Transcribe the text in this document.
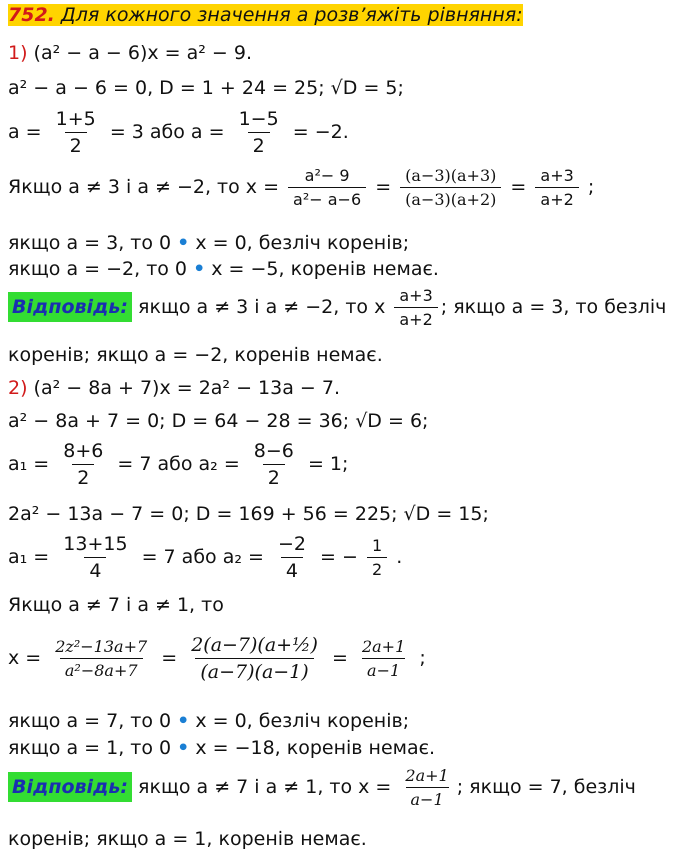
752. Для кожного значення а розв’яжіть рівняння:
1) (a² − a − 6)x = a² − 9.
a² − a − 6 = 0, D = 1 + 24 = 25; √D = 5;
$a = \frac{1+5}{2} = 3$ або $a = \frac{1-5}{2} = -2$.
Якщо a ≠ 3 і a ≠ −2, то $x = \frac{\text{a²− 9}}{\text{a²− a−6}} = \frac{(a-3)(a+3)}{(a-3)(a+2)} = \frac{a+3}{a+2}$ ;
якщо a = 3, то 0 • x = 0, безліч коренів;
якщо a = −2, то 0 • x = −5, коренів немає.
Відповідь: якщо a ≠ 3 і a ≠ −2, то x $\frac{a+3}{a+2}$ ; якщо a = 3, то безліч
коренів; якщо a = −2, коренів немає.
2) (a² − 8a + 7)x = 2a² − 13a − 7.
a² − 8a + 7 = 0; D = 64 − 28 = 36; √D = 6;
$a_1 = \frac{8+6}{2} = 7$ або $a_2 = \frac{8-6}{2} = 1$;
2a² − 13a − 7 = 0; D = 169 + 56 = 225; √D = 15;
$a_1 = \frac{13+15}{4} = 7$ або $a_2 = \frac{-2}{4}$ = − $\frac{1}{2}$ .
Якщо a ≠ 7 і a ≠ 1, то
$x = \frac{\text{2z²−13a+7}}{\text{a²−8a+7}} = \frac{\text{2(a−7)(a+½)}}{(a-7)(a-1)} = \frac{2a+1}{a-1}$ ;
якщо a = 7, то 0 • x = 0, безліч коренів;
якщо a = 1, то 0 • x = −18, коренів немає.
Відповідь: якщо a ≠ 7 і a ≠ 1, то $x = \frac{2a+1}{a-1}$ ; якщо = 7, безліч
коренів; якщо a = 1, коренів немає.
